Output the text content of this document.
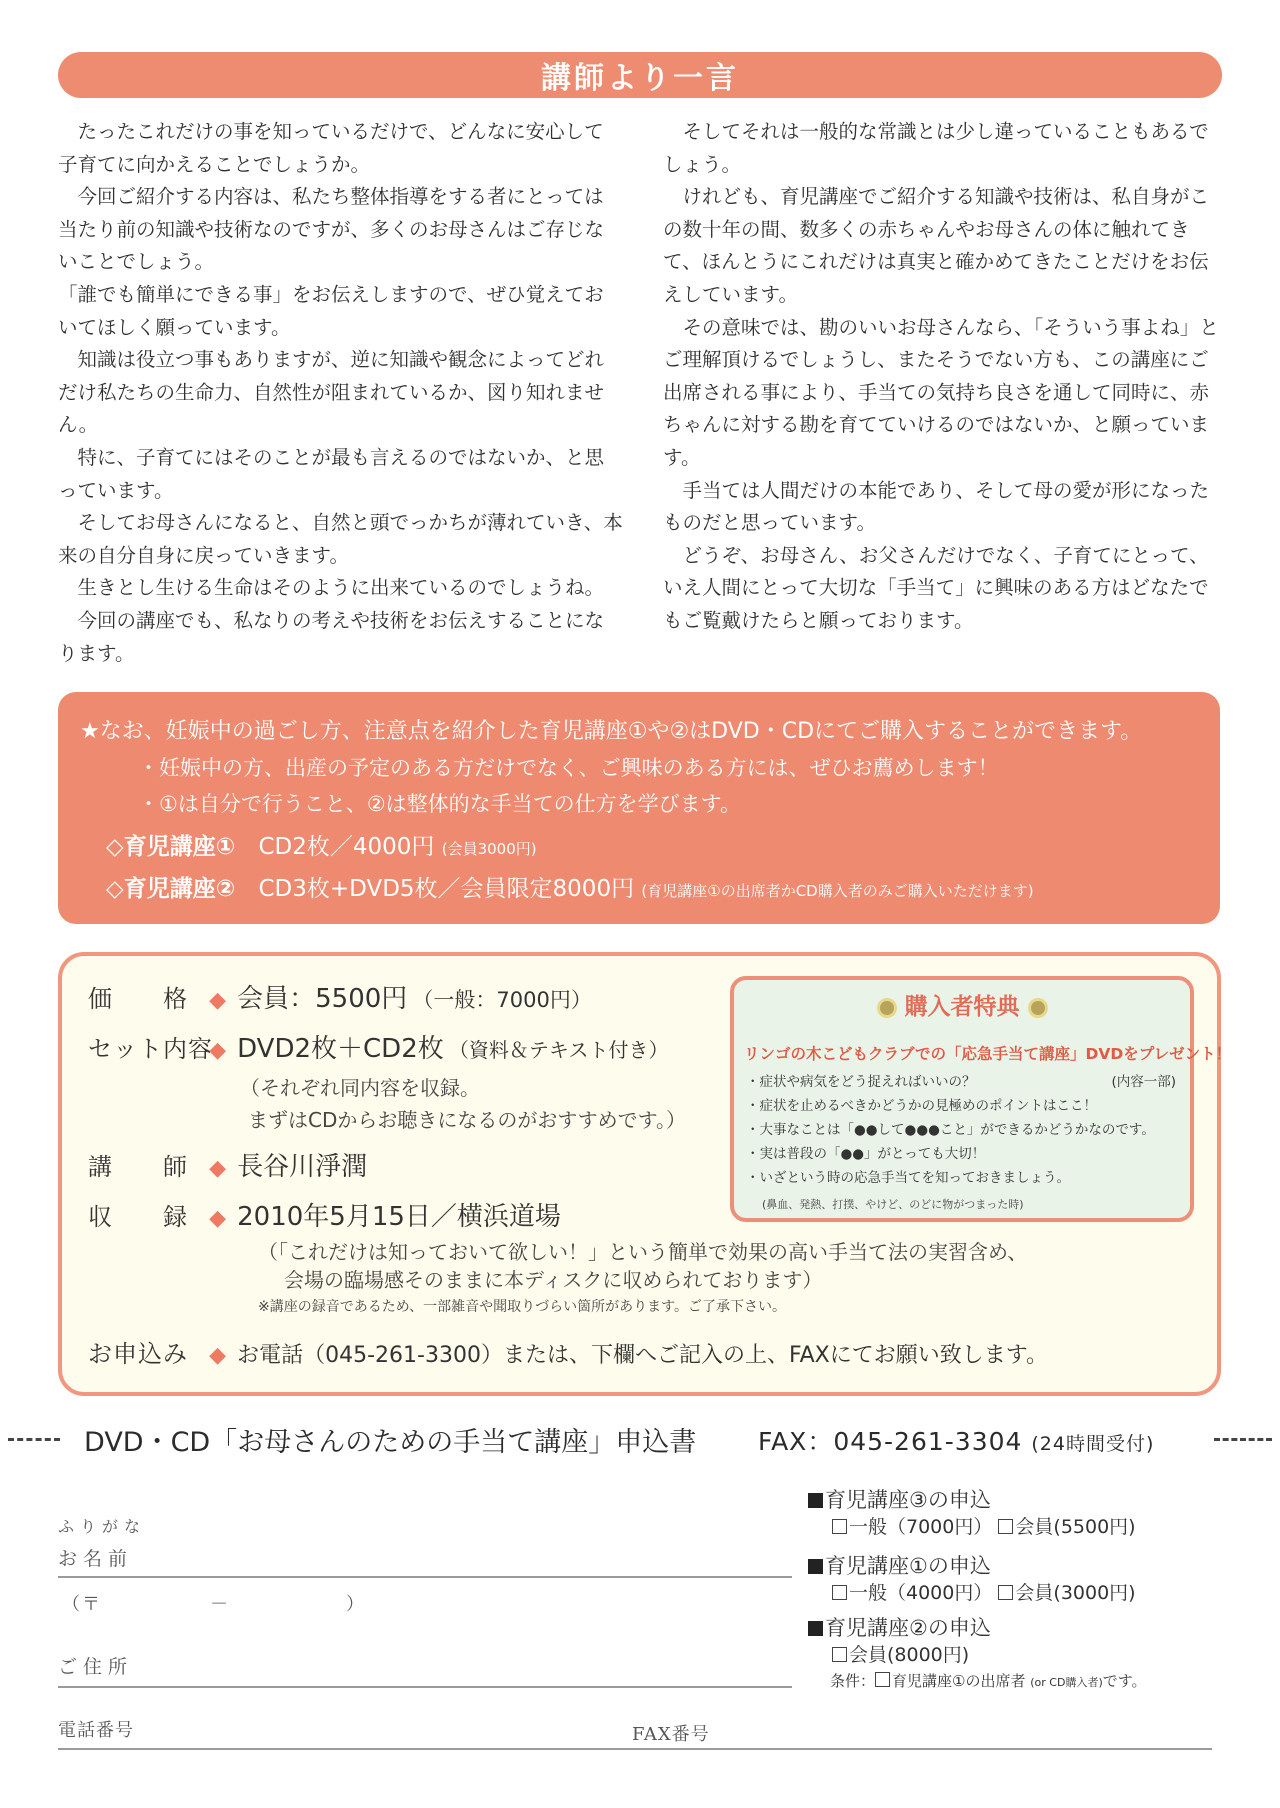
講師より一言

たったこれだけの事を知っているだけで、どんなに安心して子育てに向かえることでしょうか。

今回ご紹介する内容は、私たち整体指導をする者にとっては当たり前の知識や技術なのですが、多くのお母さんはご存じないことでしょう。

「誰でも簡単にできる事」をお伝えしますので、ぜひ覚えておいてほしく願っています。

知識は役立つ事もありますが、逆に知識や観念によってどれだけ私たちの生命力、自然性が阻まれているか、図り知れません。

特に、子育てにはそのことが最も言えるのではないか、と思っています。

そしてお母さんになると、自然と頭でっかちが薄れていき、本来の自分自身に戻っていきます。

生きとし生ける生命はそのように出来ているのでしょうね。

今回の講座でも、私なりの考えや技術をお伝えすることになります。

そしてそれは一般的な常識とは少し違っていることもあるでしょう。

けれども、育児講座でご紹介する知識や技術は、私自身がこの数十年の間、数多くの赤ちゃんやお母さんの体に触れてきて、ほんとうにこれだけは真実と確かめてきたことだけをお伝えしています。

その意味では、勘のいいお母さんなら、「そういう事よね」とご理解頂けるでしょうし、またそうでない方も、この講座にご出席される事により、手当ての気持ち良さを通して同時に、赤ちゃんに対する勘を育てていけるのではないか、と願っています。

手当ては人間だけの本能であり、そして母の愛が形になったものだと思っています。

どうぞ、お母さん、お父さんだけでなく、子育てにとって、いえ人間にとって大切な「手当て」に興味のある方はどなたでもご覧戴けたらと願っております。

★なお、妊娠中の過ごし方、注意点を紹介した育児講座①や②はDVD・CDにてご購入することができます。
・妊娠中の方、出産の予定のある方だけでなく、ご興味のある方には、ぜひお薦めします！
・①は自分で行うこと、②は整体的な手当ての仕方を学びます。
◇育児講座① CD2枚／4000円 (会員3000円)
◇育児講座② CD3枚+DVD5枚／会員限定8000円 (育児講座①の出席者かCD購入者のみご購入いただけます)
価　　格 ◆ 会員：5500円 （一般：7000円）
セット内容 ◆ DVD2枚＋CD2枚 （資料＆テキスト付き）
（それぞれ同内容を収録。
まずはCDからお聴きになるのがおすすめです。）
講　　師 ◆ 長谷川淨潤
収　　録 ◆ 2010年5月15日／横浜道場
（「これだけは知っておいて欲しい！」という簡単で効果の高い手当て法の実習含め、
会場の臨場感そのままに本ディスクに収められております）
※講座の録音であるため、一部雑音や聞取りづらい箇所があります。ご了承下さい。
お申込み ◆ お電話（045-261-3300）または、下欄へご記入の上、FAXにてお願い致します。
購入者特典
リンゴの木こどもクラブでの「応急手当て講座」DVDをプレゼント！
(内容一部)
・症状や病気をどう捉えればいいの？
・症状を止めるべきかどうかの見極めのポイントはここ！
・大事なことは「●●して●●●こと」ができるかどうかなのです。
・実は普段の「●●」がとっても大切！
・いざという時の応急手当てを知っておきましょう。
(鼻血、発熱、打撲、やけど、のどに物がつまった時)
DVD・CD「お母さんのための手当て講座」申込書 FAX：045-261-3304 (24時間受付)
ふりがな
お名前
（〒	－	）
ご住所
電話番号	FAX番号
育児講座③の申込
一般（7000円） 会員(5500円)
育児講座①の申込
一般（4000円） 会員(3000円)
育児講座②の申込
会員(8000円)
条件： 育児講座①の出席者 (or CD購入者)です。
